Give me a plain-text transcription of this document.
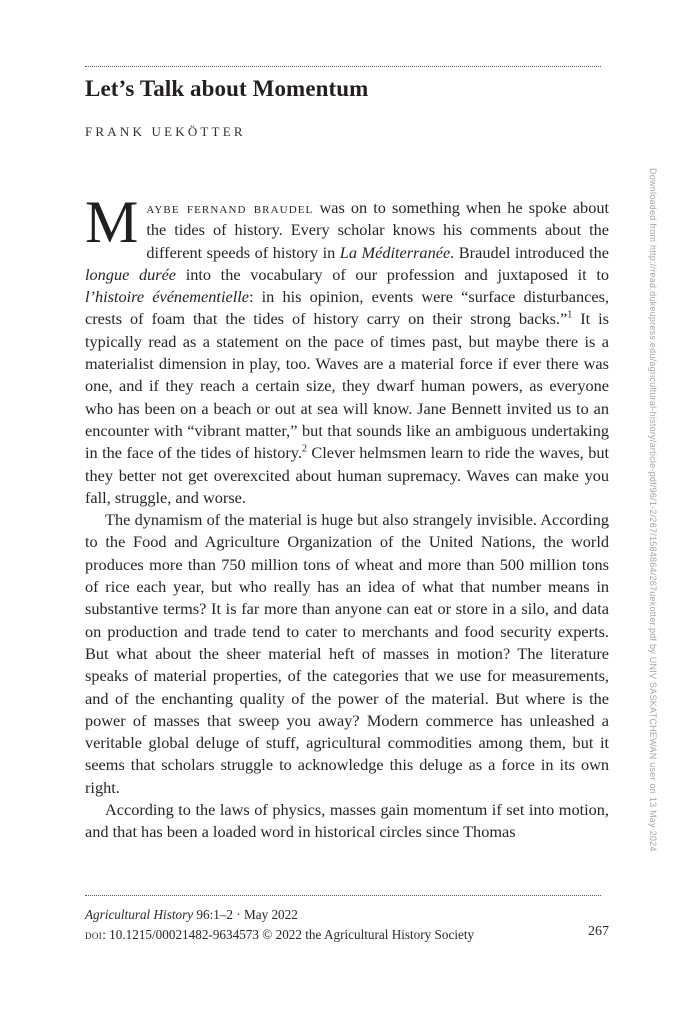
Let’s Talk about Momentum
FRANK UEKÖTTER

Maybe fernand braudel was on to something when he spoke about the tides of history. Every scholar knows his comments about the different speeds of history in La Méditerranée. Braudel introduced the longue durée into the vocabulary of our profession and juxtaposed it to l’histoire événementielle: in his opinion, events were “surface disturbances, crests of foam that the tides of history carry on their strong backs.”$^1$ It is typically read as a statement on the pace of times past, but maybe there is a materialist dimension in play, too. Waves are a material force if ever there was one, and if they reach a certain size, they dwarf human powers, as everyone who has been on a beach or out at sea will know. Jane Bennett invited us to an encounter with “vibrant matter,” but that sounds like an ambiguous undertaking in the face of the tides of history.$^2$ Clever helmsmen learn to ride the waves, but they better not get overexcited about human supremacy. Waves can make you fall, struggle, and worse.

The dynamism of the material is huge but also strangely invisible. According to the Food and Agriculture Organization of the United Nations, the world produces more than 750 million tons of wheat and more than 500 million tons of rice each year, but who really has an idea of what that number means in substantive terms? It is far more than anyone can eat or store in a silo, and data on production and trade tend to cater to merchants and food security experts. But what about the sheer material heft of masses in motion? The literature speaks of material properties, of the categories that we use for measurements, and of the enchanting quality of the power of the material. But where is the power of masses that sweep you away? Modern commerce has unleashed a veritable global deluge of stuff, agricultural commodities among them, but it seems that scholars struggle to acknowledge this deluge as a force in its own right.

According to the laws of physics, masses gain momentum if set into motion, and that has been a loaded word in historical circles since Thomas

Agricultural History 96:1–2 · May 2022
doi: 10.1215/00021482-9634573 © 2022 the Agricultural History Society	267
Downloaded from http://read.dukeupress.edu/agricultural-history/article-pdf/96/1-2/267/1584864/267uekotter.pdf by UNIV SASKATCHEWAN user on 13 May 2024
